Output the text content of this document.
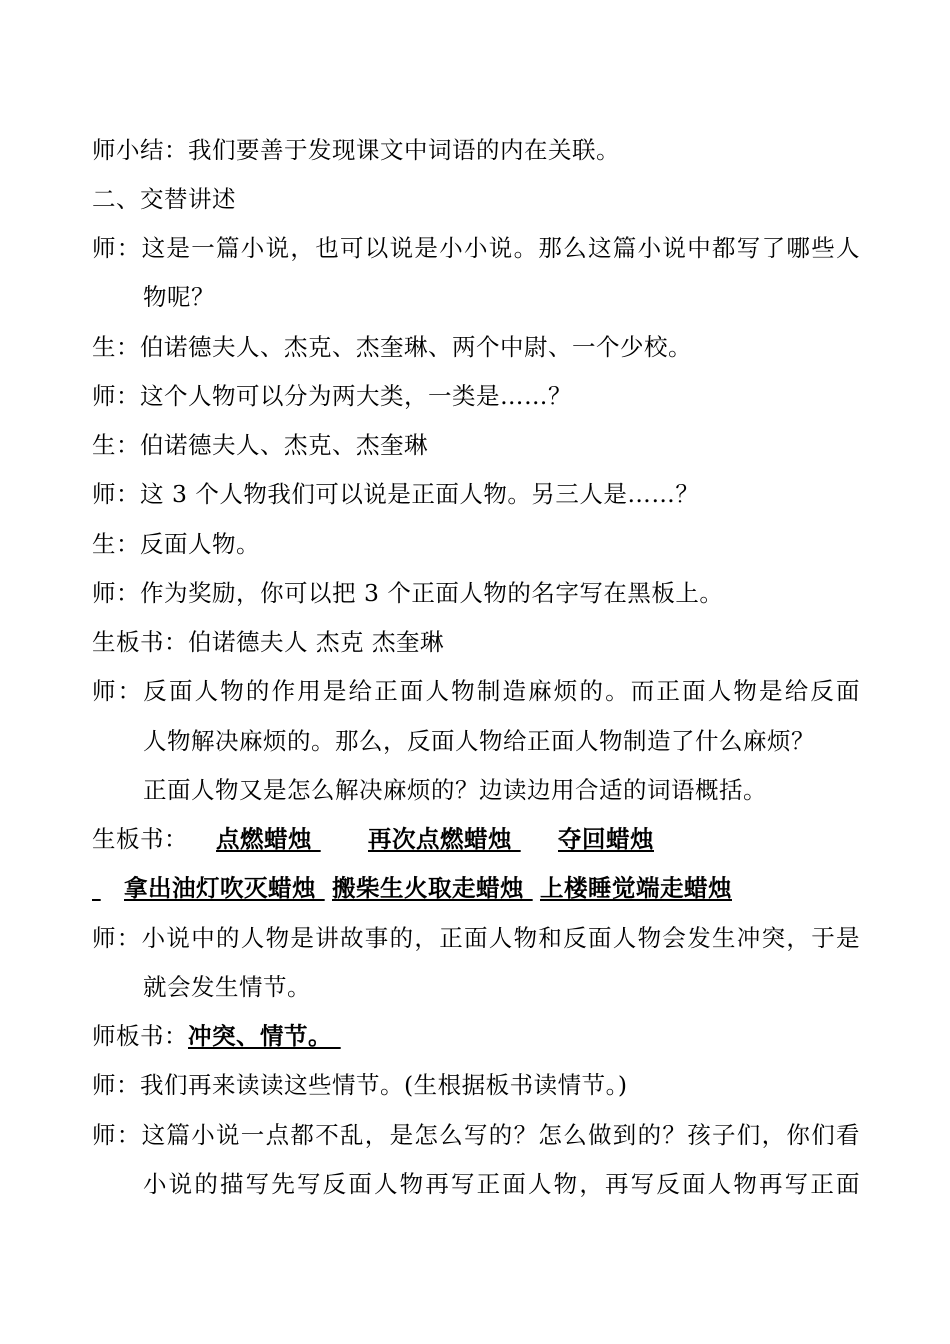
师小结：我们要善于发现课文中词语的内在关联。
二、交替讲述
师：这是一篇小说，也可以说是小小说。那么这篇小说中都写了哪些人
物呢？
生：伯诺德夫人、杰克、杰奎琳、两个中尉、一个少校。
师：这个人物可以分为两大类，一类是……？
生：伯诺德夫人、杰克、杰奎琳
师：这 3 个人物我们可以说是正面人物。另三人是……？
生：反面人物。
师：作为奖励，你可以把 3 个正面人物的名字写在黑板上。
生板书：伯诺德夫人 杰克 杰奎琳
师：反面人物的作用是给正面人物制造麻烦的。而正面人物是给反面
人物解决麻烦的。那么，反面人物给正面人物制造了什么麻烦？
正面人物又是怎么解决麻烦的？边读边用合适的词语概括。
生板书： 点燃蜡烛 再次点燃蜡烛 夺回蜡烛
拿出油灯吹灭蜡烛 搬柴生火取走蜡烛 上楼睡觉端走蜡烛
师：小说中的人物是讲故事的，正面人物和反面人物会发生冲突，于是
就会发生情节。
师板书：冲突、情节。
师：我们再来读读这些情节。(生根据板书读情节。)
师：这篇小说一点都不乱，是怎么写的？怎么做到的？孩子们，你们看
小说的描写先写反面人物再写正面人物，再写反面人物再写正面
